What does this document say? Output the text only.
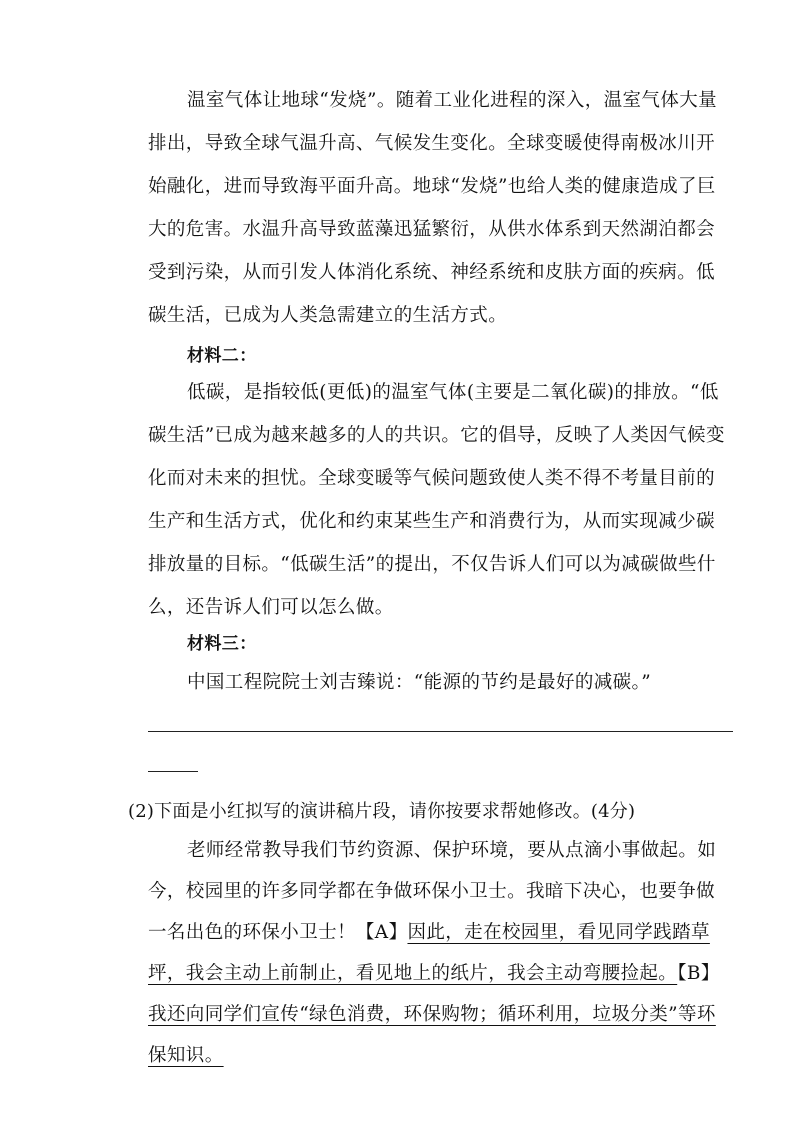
温室气体让地球“发烧”。随着工业化进程的深入，温室气体大量
排出，导致全球气温升高、气候发生变化。全球变暖使得南极冰川开
始融化，进而导致海平面升高。地球“发烧”也给人类的健康造成了巨
大的危害。水温升高导致蓝藻迅猛繁衍，从供水体系到天然湖泊都会
受到污染，从而引发人体消化系统、神经系统和皮肤方面的疾病。低
碳生活，已成为人类急需建立的生活方式。
材料二：
低碳，是指较低(更低)的温室气体(主要是二氧化碳)的排放。“低
碳生活”已成为越来越多的人的共识。它的倡导，反映了人类因气候变
化而对未来的担忧。全球变暖等气候问题致使人类不得不考量目前的
生产和生活方式，优化和约束某些生产和消费行为，从而实现减少碳
排放量的目标。“低碳生活”的提出，不仅告诉人们可以为减碳做些什
么，还告诉人们可以怎么做。
材料三：
中国工程院院士刘吉臻说：“能源的节约是最好的减碳。”
(2)下面是小红拟写的演讲稿片段，请你按要求帮她修改。(4分)
老师经常教导我们节约资源、保护环境，要从点滴小事做起。如
今，校园里的许多同学都在争做环保小卫士。我暗下决心，也要争做
一名出色的环保小卫士！【A】因此，走在校园里，看见同学践踏草
坪，我会主动上前制止，看见地上的纸片，我会主动弯腰捡起。【B】
我还向同学们宣传“绿色消费，环保购物；循环利用，垃圾分类”等环
保知识。
